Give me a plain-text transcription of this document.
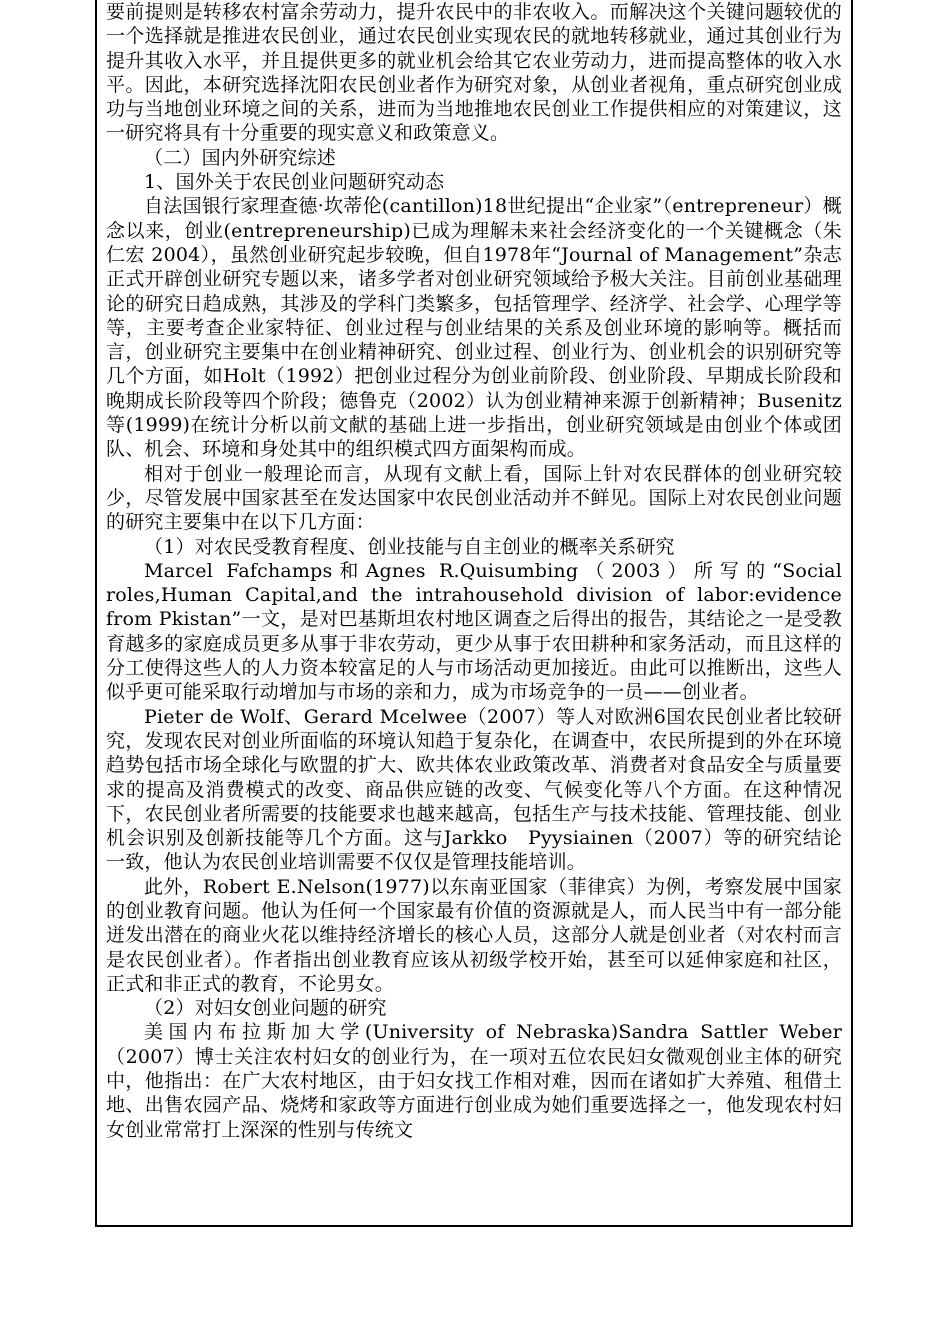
要前提则是转移农村富余劳动力，提升农民中的非农收入。而解决这个关键问题较优的一个选择就是推进农民创业，通过农民创业实现农民的就地转移就业，通过其创业行为提升其收入水平，并且提供更多的就业机会给其它农业劳动力，进而提高整体的收入水平。因此，本研究选择沈阳农民创业者作为研究对象，从创业者视角，重点研究创业成功与当地创业环境之间的关系，进而为当地推地农民创业工作提供相应的对策建议，这一研究将具有十分重要的现实意义和政策意义。

（二）国内外研究综述

1、国外关于农民创业问题研究动态

自法国银行家理查德·坎蒂伦(cantillon)18世纪提出“企业家”（entrepreneur）概念以来，创业(entrepreneurship)已成为理解未来社会经济变化的一个关键概念（朱仁宏 2004），虽然创业研究起步较晚，但自1978年“Journal of Management”杂志正式开辟创业研究专题以来，诸多学者对创业研究领域给予极大关注。目前创业基础理论的研究日趋成熟，其涉及的学科门类繁多，包括管理学、经济学、社会学、心理学等等，主要考查企业家特征、创业过程与创业结果的关系及创业环境的影响等。概括而言，创业研究主要集中在创业精神研究、创业过程、创业行为、创业机会的识别研究等几个方面，如Holt（1992）把创业过程分为创业前阶段、创业阶段、早期成长阶段和晚期成长阶段等四个阶段；德鲁克（2002）认为创业精神来源于创新精神；Busenitz等(1999)在统计分析以前文献的基础上进一步指出，创业研究领域是由创业个体或团队、机会、环境和身处其中的组织模式四方面架构而成。

相对于创业一般理论而言，从现有文献上看，国际上针对农民群体的创业研究较少，尽管发展中国家甚至在发达国家中农民创业活动并不鲜见。国际上对农民创业问题的研究主要集中在以下几方面：

（1）对农民受教育程度、创业技能与自主创业的概率关系研究

Marcel Fafchamps和Agnes R.Quisumbing（2003）所写的“Social roles,Human Capital,and the intrahousehold division of labor:evidence from Pkistan”一文，是对巴基斯坦农村地区调查之后得出的报告，其结论之一是受教育越多的家庭成员更多从事于非农劳动，更少从事于农田耕种和家务活动，而且这样的分工使得这些人的人力资本较富足的人与市场活动更加接近。由此可以推断出，这些人似乎更可能采取行动增加与市场的亲和力，成为市场竞争的一员——创业者。

Pieter de Wolf、Gerard Mcelwee（2007）等人对欧洲6国农民创业者比较研究，发现农民对创业所面临的环境认知趋于复杂化，在调查中，农民所提到的外在环境趋势包括市场全球化与欧盟的扩大、欧共体农业政策改革、消费者对食品安全与质量要求的提高及消费模式的改变、商品供应链的改变、气候变化等八个方面。在这种情况下，农民创业者所需要的技能要求也越来越高，包括生产与技术技能、管理技能、创业机会识别及创新技能等几个方面。这与Jarkko　Pyysiainen（2007）等的研究结论一致，他认为农民创业培训需要不仅仅是管理技能培训。

此外，Robert E.Nelson(1977)以东南亚国家（菲律宾）为例，考察发展中国家的创业教育问题。他认为任何一个国家最有价值的资源就是人，而人民当中有一部分能迸发出潜在的商业火花以维持经济增长的核心人员，这部分人就是创业者（对农村而言是农民创业者）。作者指出创业教育应该从初级学校开始，甚至可以延伸家庭和社区，正式和非正式的教育，不论男女。

（2）对妇女创业问题的研究

美国内布拉斯加大学(University of Nebraska)Sandra Sattler Weber（2007）博士关注农村妇女的创业行为，在一项对五位农民妇女微观创业主体的研究中，他指出：在广大农村地区，由于妇女找工作相对难，因而在诸如扩大养殖、租借土地、出售农园产品、烧烤和家政等方面进行创业成为她们重要选择之一，他发现农村妇女创业常常打上深深的性别与传统文
